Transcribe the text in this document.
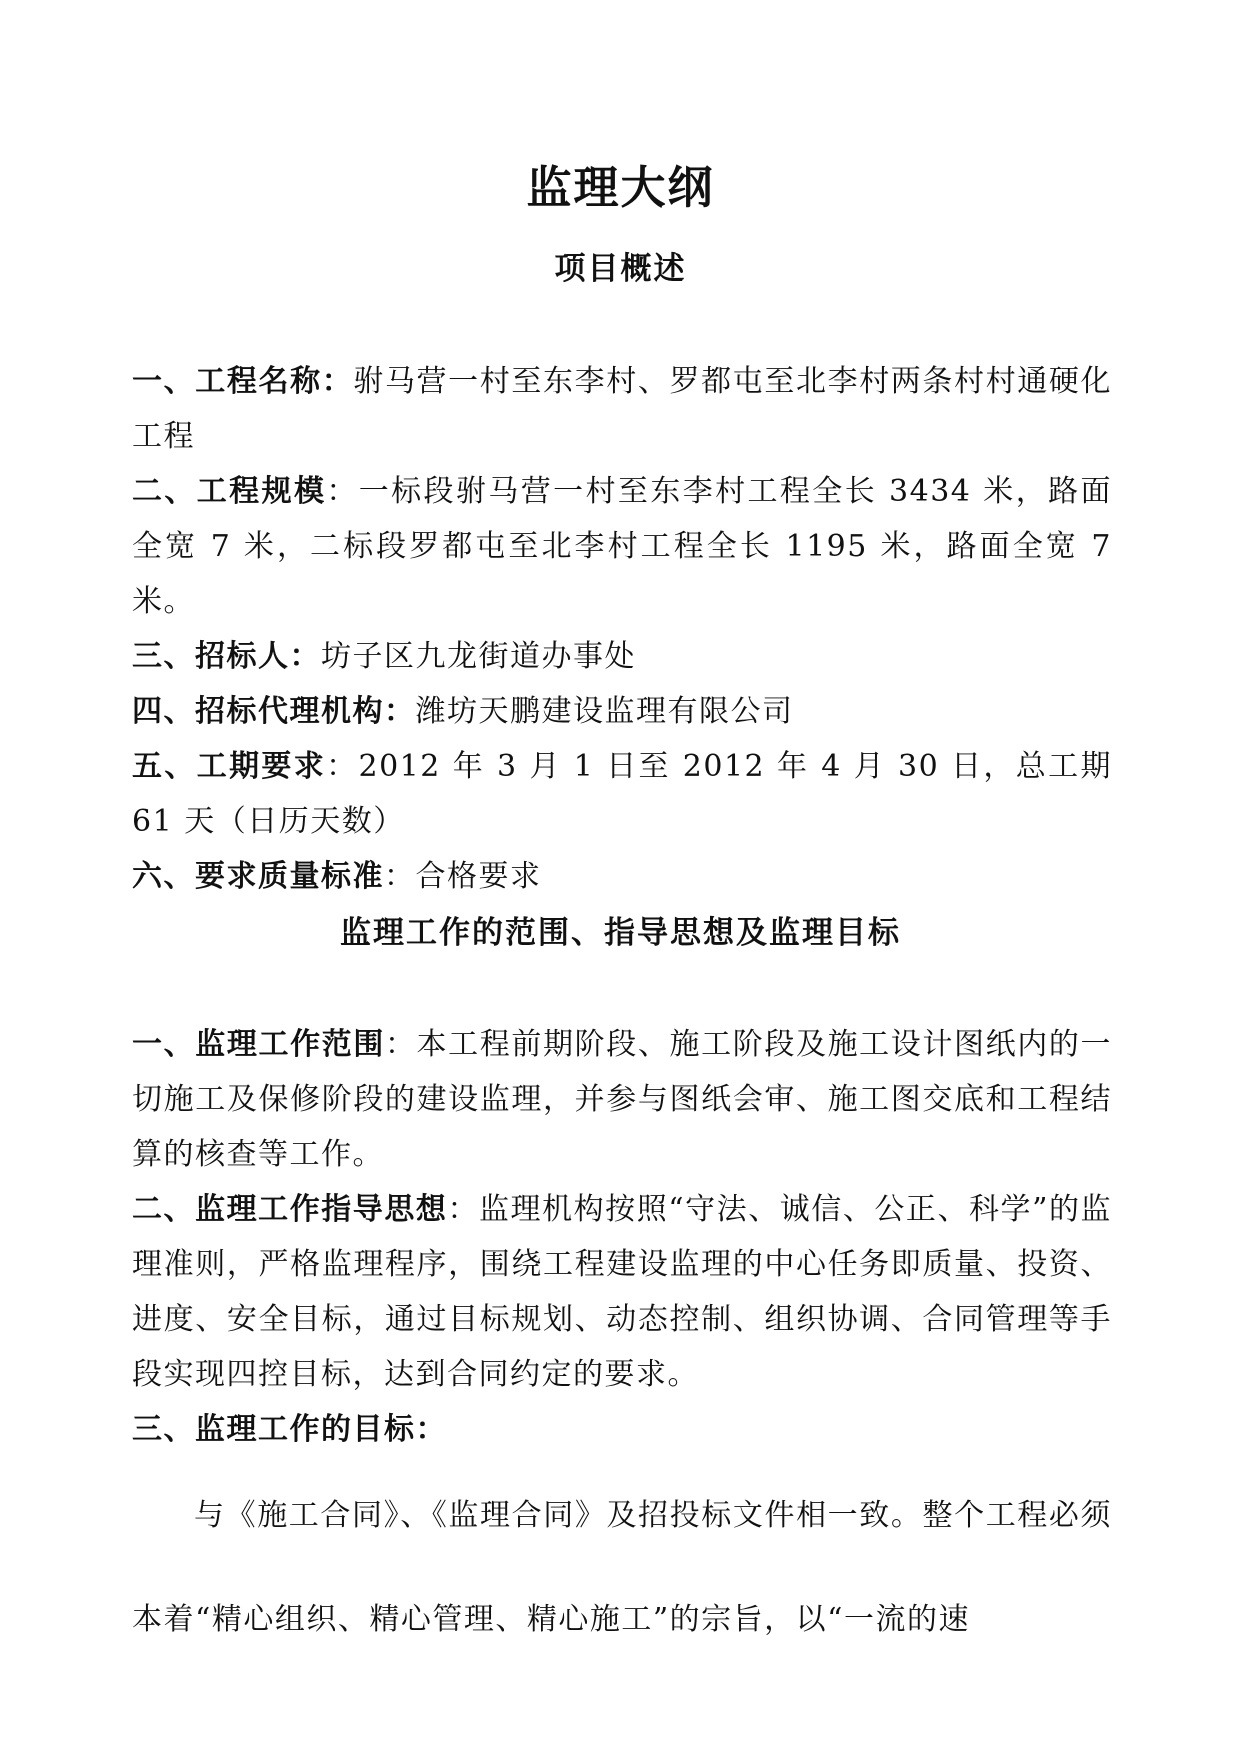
监理大纲
项目概述

一、工程名称：驸马营一村至东李村、罗都屯至北李村两条村村通硬化工程

二、工程规模：一标段驸马营一村至东李村工程全长 3434 米，路面全宽 7 米，二标段罗都屯至北李村工程全长 1195 米，路面全宽 7 米。

三、招标人：坊子区九龙街道办事处

四、招标代理机构：潍坊天鹏建设监理有限公司

五、工期要求：2012 年 3 月 1 日至 2012 年 4 月 30 日，总工期 61 天（日历天数）

六、要求质量标准：合格要求

监理工作的范围、指导思想及监理目标

一、监理工作范围：本工程前期阶段、施工阶段及施工设计图纸内的一切施工及保修阶段的建设监理，并参与图纸会审、施工图交底和工程结算的核查等工作。

二、监理工作指导思想：监理机构按照“守法、诚信、公正、科学”的监理准则，严格监理程序，围绕工程建设监理的中心任务即质量、投资、进度、安全目标，通过目标规划、动态控制、组织协调、合同管理等手段实现四控目标，达到合同约定的要求。

三、监理工作的目标：

与《施工合同》、《监理合同》及招投标文件相一致。整个工程必须本着“精心组织、精心管理、精心施工”的宗旨，以“一流的速
